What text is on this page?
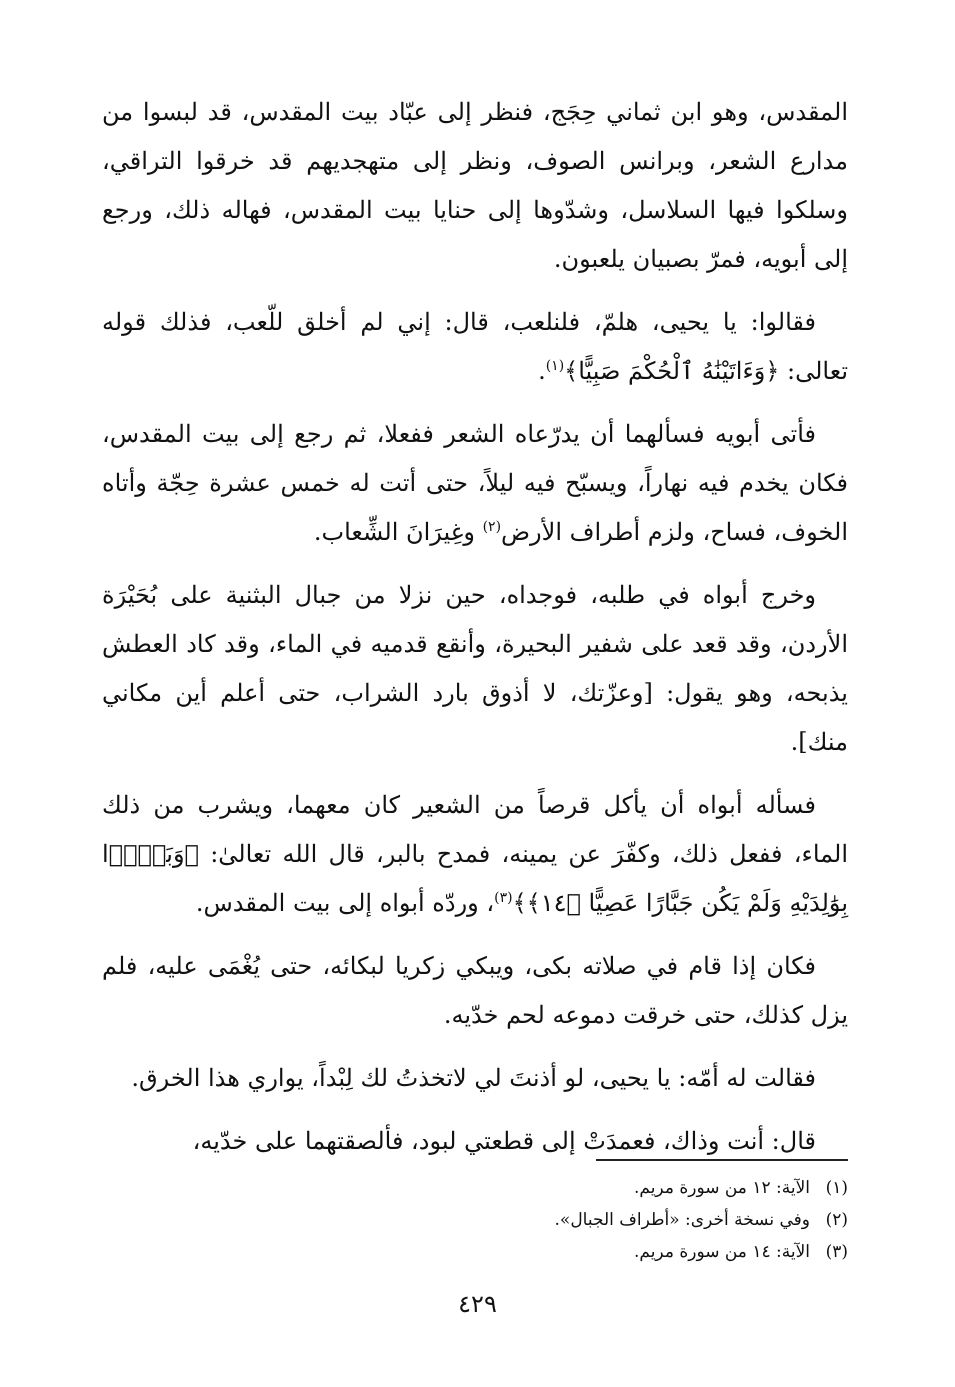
المقدس، وهو ابن ثماني حِجَج، فنظر إلى عبّاد بيت المقدس، قد لبسوا من مدارع الشعر، وبرانس الصوف، ونظر إلى متهجديهم قد خرقوا التراقي، وسلكوا فيها السلاسل، وشدّوها إلى حنايا بيت المقدس، فهاله ذلك، ورجع إلى أبويه، فمرّ بصبيان يلعبون.

فقالوا: يا يحيى، هلمّ، فلنلعب، قال: إني لم أخلق للّعب، فذلك قوله تعالى: ﴿وَءَاتَيْنَٰهُ ٱلْحُكْمَ صَبِيًّا﴾$^{(١)}$.

فأتى أبويه فسألهما أن يدرّعاه الشعر ففعلا، ثم رجع إلى بيت المقدس، فكان يخدم فيه نهاراً، ويسبّح فيه ليلاً، حتى أتت له خمس عشرة حِجّة وأتاه الخوف، فساح، ولزم أطراف الأرض$^{(٢)}$ وغِيرَانَ الشِّعاب.

وخرج أبواه في طلبه، فوجداه، حين نزلا من جبال البثنية على بُحَيْرَة الأردن، وقد قعد على شفير البحيرة، وأنقع قدميه في الماء، وقد كاد العطش يذبحه، وهو يقول: [وعزّتك، لا أذوق بارد الشراب، حتى أعلم أين مكاني منك].

فسأله أبواه أن يأكل قرصاً من الشعير كان معهما، ويشرب من ذلك الماء، ففعل ذلك، وكفّرَ عن يمينه، فمدح بالبر، قال الله تعالىٰ: ﴿وَبَرًّۢا بِوَٰلِدَيْهِ وَلَمْ يَكُن جَبَّارًا عَصِيًّا ﴿١٤﴾﴾$^{(٣)}$، وردّه أبواه إلى بيت المقدس.

فكان إذا قام في صلاته بكى، ويبكي زكريا لبكائه، حتى يُغْمَى عليه، فلم يزل كذلك، حتى خرقت دموعه لحم خدّيه.

فقالت له أمّه: يا يحيى، لو أذنتَ لي لاتخذتُ لك لِبْداً، يواري هذا الخرق.

قال: أنت وذاك، فعمدَتْ إلى قطعتي لبود، فألصقتهما على خدّيه،

(١)الآية: ١٢ من سورة مريم.
(٢)وفي نسخة أخرى: «أطراف الجبال».
(٣)الآية: ١٤ من سورة مريم.
٤٢٩
